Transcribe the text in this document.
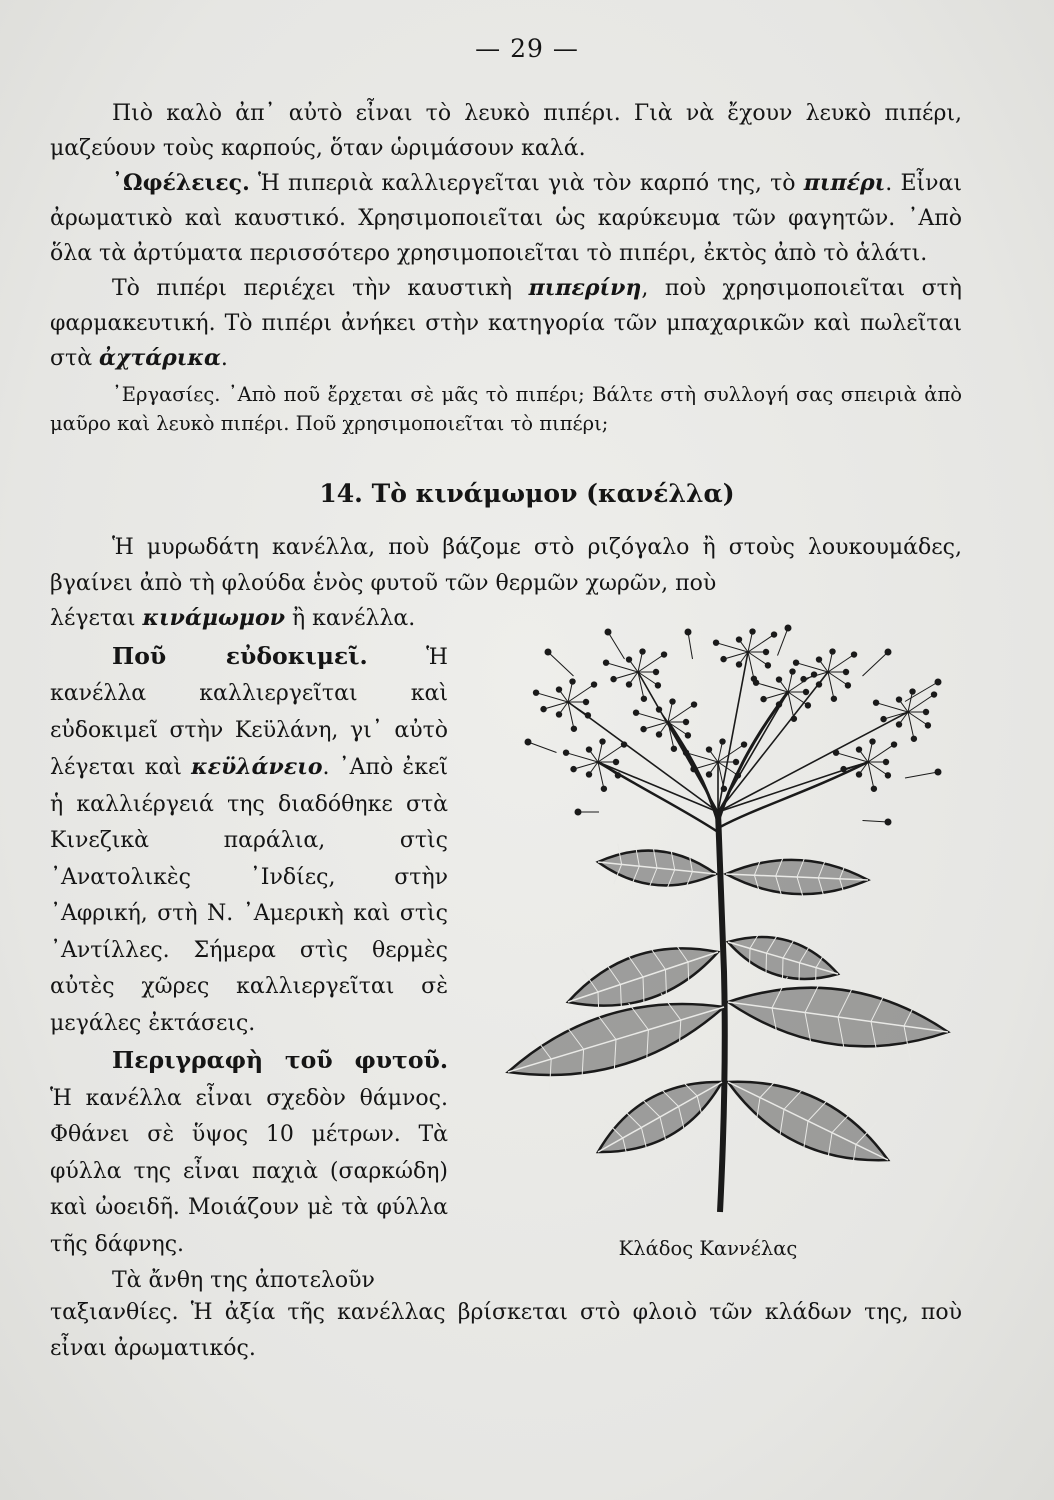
— 29 —

Πιὸ καλὸ ἀπ᾽ αὐτὸ εἶναι τὸ λευκὸ πιπέρι. Γιὰ νὰ ἔχουν λευκὸ πιπέρι, μαζεύουν τοὺς καρπούς, ὅταν ὡριμάσουν καλά.

᾽Ωφέλειες. Ἡ πιπεριὰ καλλιεργεῖται γιὰ τὸν καρπό της, τὸ πιπέρι. Εἶναι ἀρωματικὸ καὶ καυστικό. Χρησιμοποιεῖται ὡς καρύκευμα τῶν φαγητῶν. ᾽Απὸ ὅλα τὰ ἀρτύματα περισσότερο χρησιμοποιεῖται τὸ πιπέρι, ἐκτὸς ἀπὸ τὸ ἁλάτι.

Τὸ πιπέρι περιέχει τὴν καυστικὴ πιπερίνη, ποὺ χρησιμοποιεῖται στὴ φαρμακευτική. Τὸ πιπέρι ἀνήκει στὴν κατηγορία τῶν μπαχαρικῶν καὶ πωλεῖται στὰ ἀχτάρικα.

᾽Εργασίες. ᾽Απὸ ποῦ ἔρχεται σὲ μᾶς τὸ πιπέρι; Βάλτε στὴ συλλογή σας σπειριὰ ἀπὸ μαῦρο καὶ λευκὸ πιπέρι. Ποῦ χρησιμοποιεῖται τὸ πιπέρι;

14. Τὸ κινάμωμον (κανέλλα)
Ἡ μυρωδάτη κανέλλα, ποὺ βάζομε στὸ ριζόγαλο ἢ στοὺς λουκουμάδες, βγαίνει ἀπὸ τὴ φλούδα ἑνὸς φυτοῦ τῶν θερμῶν χωρῶν, ποὺ

λέγεται κινάμωμον ἢ κανέλλα.

Ποῦ εὐδοκιμεῖ. Ἡ κανέλλα καλλιεργεῖται καὶ εὐδοκιμεῖ στὴν Κεϋλάνη, γι᾽ αὐτὸ λέγεται καὶ κεϋλάνειο. ᾽Απὸ ἐκεῖ ἡ καλλιέργειά της διαδόθηκε στὰ Κινεζικὰ παράλια, στὶς ᾽Ανατολικὲς ᾽Ινδίες, στὴν ᾽Αφρική, στὴ Ν. ᾽Αμερικὴ καὶ στὶς ᾽Αντίλλες. Σήμερα στὶς θερμὲς αὐτὲς χῶρες καλλιεργεῖται σὲ μεγάλες ἐκτάσεις.

Περιγραφὴ τοῦ φυτοῦ. Ἡ κανέλλα εἶναι σχεδὸν θάμνος. Φθάνει σὲ ὕψος 10 μέτρων. Τὰ φύλλα της εἶναι παχιὰ (σαρκώδη) καὶ ὠοειδῆ. Μοιάζουν μὲ τὰ φύλλα τῆς δάφνης.

Τὰ ἄνθη της ἀποτελοῦν

ταξιανθίες. Ἡ ἀξία τῆς κανέλλας βρίσκεται στὸ φλοιὸ τῶν κλάδων της, ποὺ εἶναι ἀρωματικός.
Κλάδος Καννέλας
